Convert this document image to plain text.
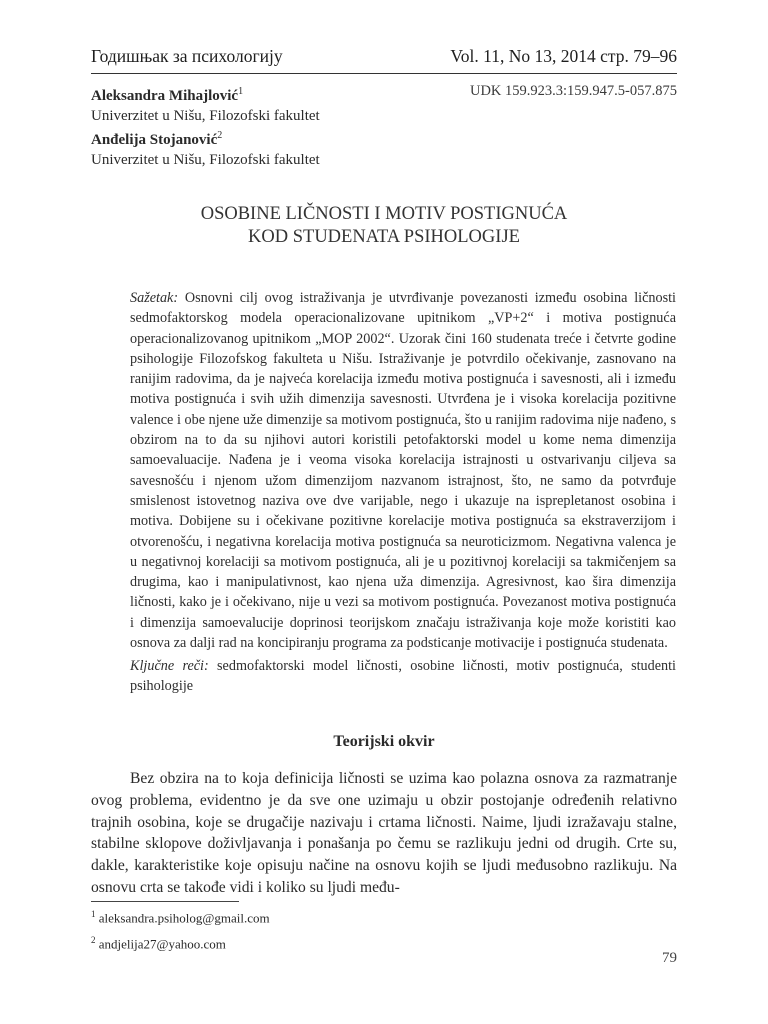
Годишњак за психологију	Vol. 11, No 13, 2014 стр. 79–96
Aleksandra Mihajlović$^1$
Univerzitet u Nišu, Filozofski fakultet
Anđelija Stojanović$^2$
Univerzitet u Nišu, Filozofski fakultet
UDK 159.923.3:159.947.5-057.875
OSOBINE LIČNOSTI I MOTIV POSTIGNUĆA
KOD STUDENATA PSIHOLOGIJE
Sažetak: Osnovni cilj ovog istraživanja je utvrđivanje povezanosti između osobina ličnosti sedmofaktorskog modela operacionalizovane upitnikom „VP+2“ i motiva postignuća operacionalizovanog upitnikom „MOP 2002“. Uzorak čini 160 studenata treće i četvrte godine psihologije Filozofskog fakulteta u Nišu. Istraživanje je potvrdilo očekivanje, zasnovano na ranijim radovima, da je najveća korelacija između motiva postignuća i savesnosti, ali i između motiva postignuća i svih užih dimenzija savesnosti. Utvrđena je i visoka korelacija pozitivne valence i obe njene uže dimenzije sa motivom postignuća, što u ranijim radovima nije nađeno, s obzirom na to da su njihovi autori koristili petofaktorski model u kome nema dimenzija samoevaluacije. Nađena je i veoma visoka korelacija istrajnosti u ostvarivanju ciljeva sa savesnošću i njenom užom dimenzijom nazvanom istrajnost, što, ne samo da potvrđuje smislenost istovetnog naziva ove dve varijable, nego i ukazuje na isprepletanost osobina i motiva. Dobijene su i očekivane pozitivne korelacije motiva postignuća sa ekstraverzijom i otvorenošću, i negativna korelacija motiva postignuća sa neuroticizmom. Negativna valenca je u negativnoj korelaciji sa motivom postignuća, ali je u pozitivnoj korelaciji sa takmičenjem sa drugima, kao i manipulativnost, kao njena uža dimenzija. Agresivnost, kao šira dimenzija ličnosti, kako je i očekivano, nije u vezi sa motivom postignuća. Povezanost motiva postignuća i dimenzija samoevalucije doprinosi teorijskom značaju istraživanja koje može koristiti kao osnova za dalji rad na koncipiranju programa za podsticanje motivacije i postignuća studenata.
Ključne reči: sedmofaktorski model ličnosti, osobine ličnosti, motiv postignuća, studenti psihologije
Teorijski okvir
Bez obzira na to koja definicija ličnosti se uzima kao polazna osnova za razmatranje ovog problema, evidentno je da sve one uzimaju u obzir postojanje određenih relativno trajnih osobina, koje se drugačije nazivaju i crtama ličnosti. Naime, ljudi izražavaju stalne, stabilne sklopove doživljavanja i ponašanja po čemu se razlikuju jedni od drugih. Crte su, dakle, karakteristike koje opisuju načine na osnovu kojih se ljudi međusobno razlikuju. Na osnovu crta se takođe vidi i koliko su ljudi među-
$^1$ aleksandra.psiholog@gmail.com
$^2$ andjelija27@yahoo.com
79
